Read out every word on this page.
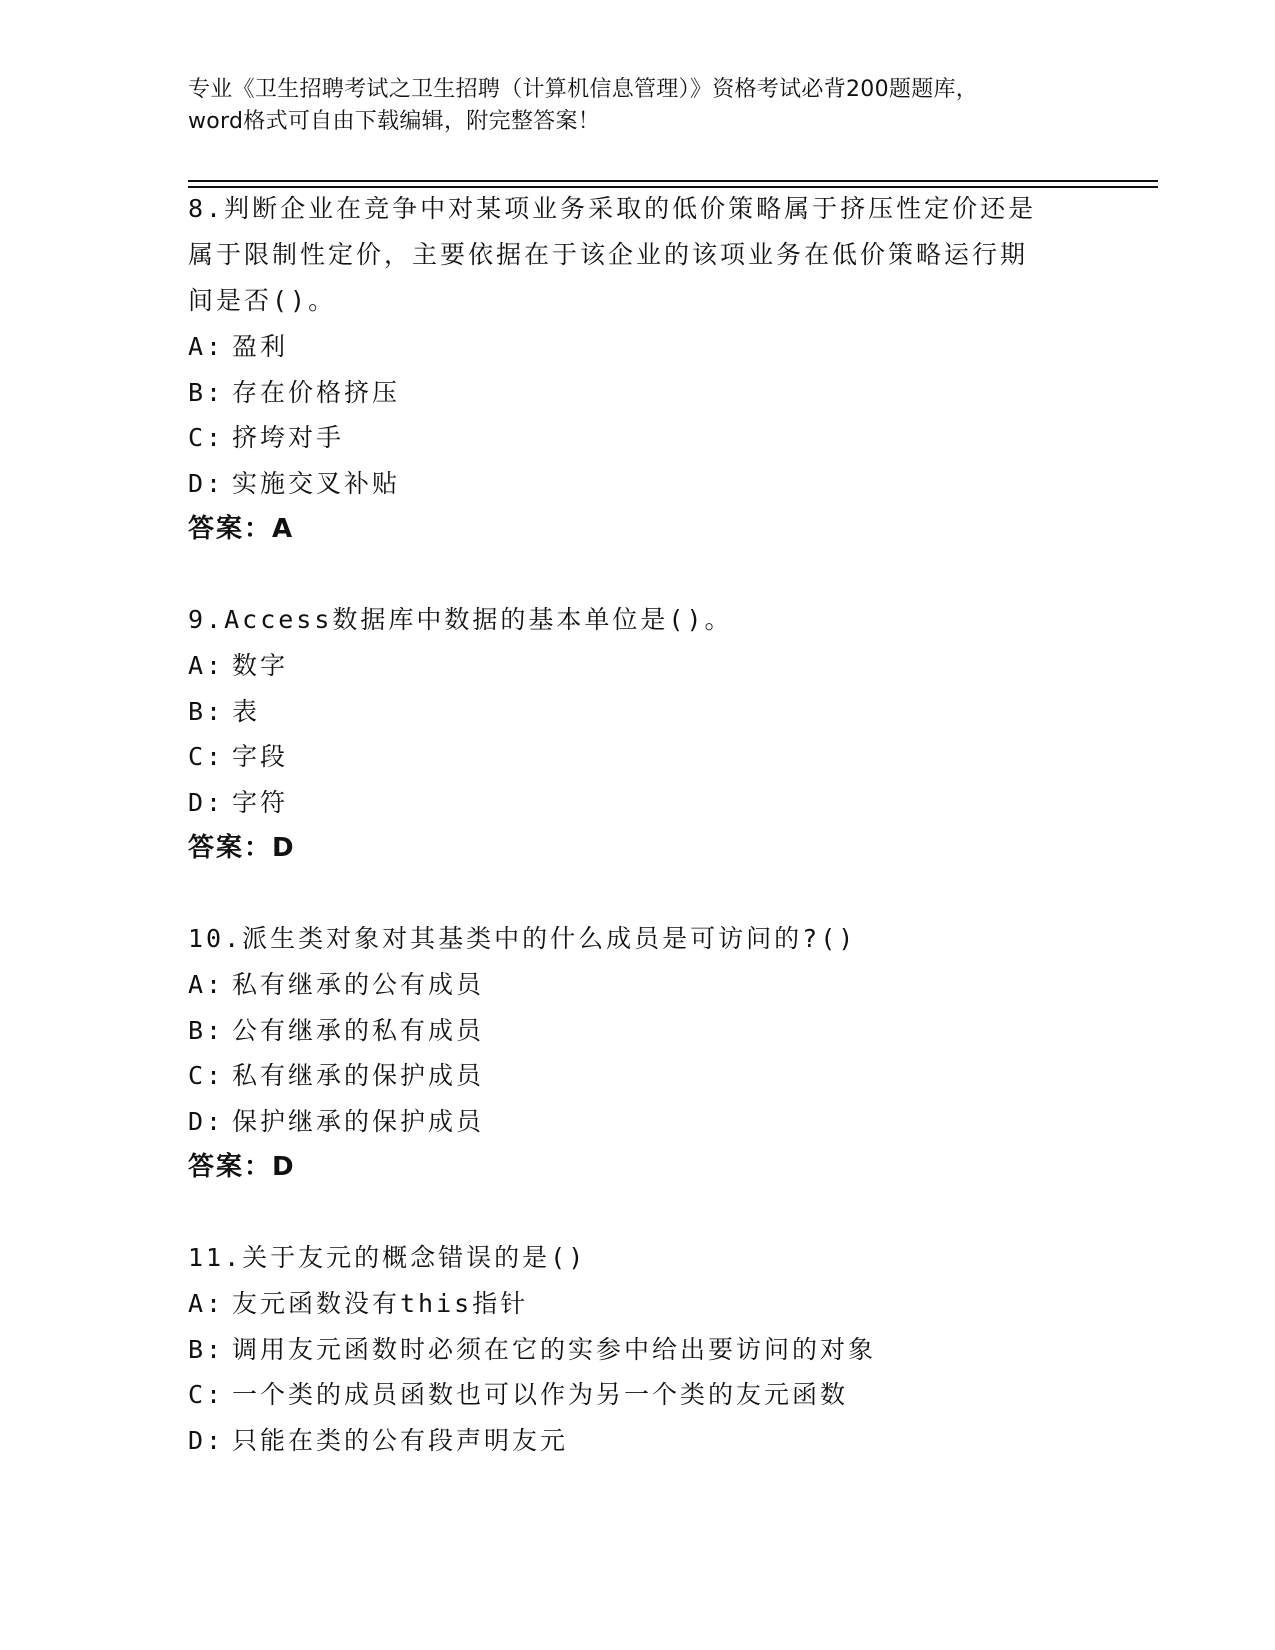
专业《卫生招聘考试之卫生招聘（计算机信息管理）》资格考试必背200题题库，
word格式可自由下载编辑，附完整答案！
8.判断企业在竞争中对某项业务采取的低价策略属于挤压性定价还是属于限制性定价，主要依据在于该企业的该项业务在低价策略运行期间是否()。
A: 盈利
B: 存在价格挤压
C: 挤垮对手
D: 实施交叉补贴
答案：A
9.Access数据库中数据的基本单位是()。
A: 数字
B: 表
C: 字段
D: 字符
答案：D
10.派生类对象对其基类中的什么成员是可访问的?()
A: 私有继承的公有成员
B: 公有继承的私有成员
C: 私有继承的保护成员
D: 保护继承的保护成员
答案：D
11.关于友元的概念错误的是()
A: 友元函数没有this指针
B: 调用友元函数时必须在它的实参中给出要访问的对象
C: 一个类的成员函数也可以作为另一个类的友元函数
D: 只能在类的公有段声明友元
